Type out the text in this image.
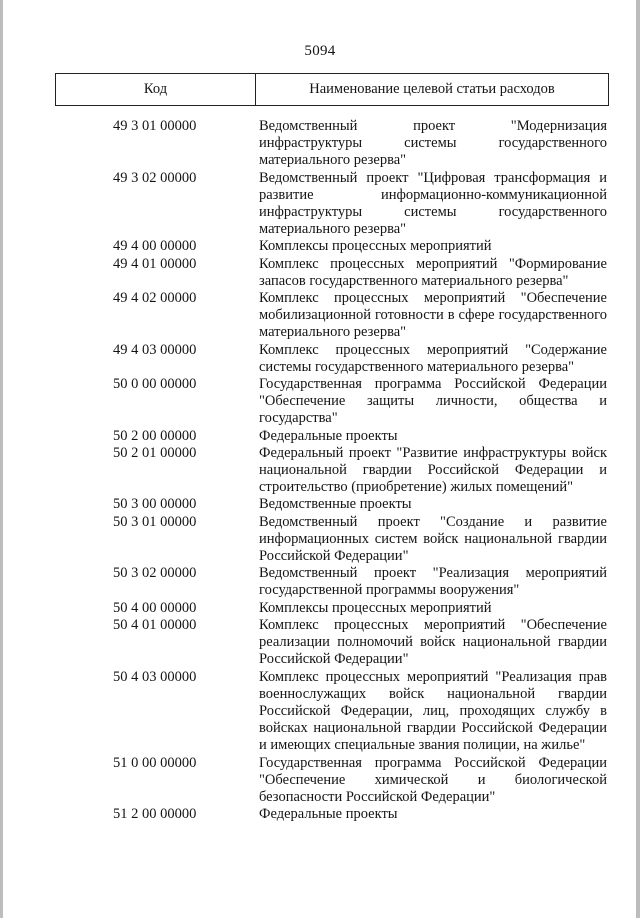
5094
Код	Наименование целевой статьи расходов
49 3 01 00000	Ведомственный проект "Модернизация инфраструктуры системы государственного материального резерва"
49 3 02 00000	Ведомственный проект "Цифровая трансформация и развитие информационно-коммуникационной инфраструктуры системы государственного материального резерва"
49 4 00 00000	Комплексы процессных мероприятий
49 4 01 00000	Комплекс процессных мероприятий "Формирование запасов государственного материального резерва"
49 4 02 00000	Комплекс процессных мероприятий "Обеспечение мобилизационной готовности в сфере государственного материального резерва"
49 4 03 00000	Комплекс процессных мероприятий "Содержание системы государственного материального резерва"
50 0 00 00000	Государственная программа Российской Федерации "Обеспечение защиты личности, общества и государства"
50 2 00 00000	Федеральные проекты
50 2 01 00000	Федеральный проект "Развитие инфраструктуры войск национальной гвардии Российской Федерации и строительство (приобретение) жилых помещений"
50 3 00 00000	Ведомственные проекты
50 3 01 00000	Ведомственный проект "Создание и развитие информационных систем войск национальной гвардии Российской Федерации"
50 3 02 00000	Ведомственный проект "Реализация мероприятий государственной программы вооружения"
50 4 00 00000	Комплексы процессных мероприятий
50 4 01 00000	Комплекс процессных мероприятий "Обеспечение реализации полномочий войск национальной гвардии Российской Федерации"
50 4 03 00000	Комплекс процессных мероприятий "Реализация прав военнослужащих войск национальной гвардии Российской Федерации, лиц, проходящих службу в войсках национальной гвардии Российской Федерации и имеющих специальные звания полиции, на жилье"
51 0 00 00000	Государственная программа Российской Федерации "Обеспечение химической и биологической безопасности Российской Федерации"
51 2 00 00000	Федеральные проекты
